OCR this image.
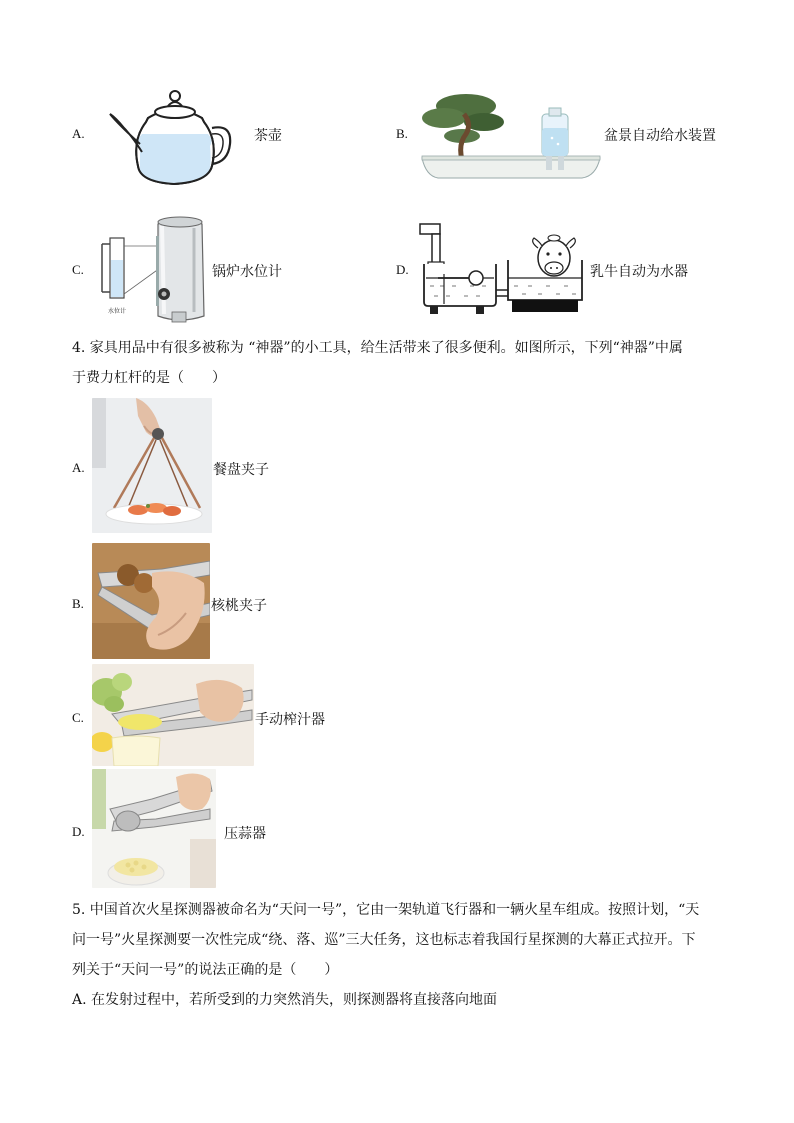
A.	茶壶	B.	盆景自动给水装置
C.
水位计
锅炉水位计	D.	乳牛自动为水器
4. 家具用品中有很多被称为 “神器”的小工具，给生活带来了很多便利。如图所示，下列“神器”中属
于费力杠杆的是（　　）
A.	餐盘夹子
B.	核桃夹子
C.	手动榨汁器
D.	压蒜器
5. 中国首次火星探测器被命名为“天问一号”，它由一架轨道飞行器和一辆火星车组成。按照计划，“天
问一号”火星探测要一次性完成“绕、落、巡”三大任务，这也标志着我国行星探测的大幕正式拉开。下
列关于“天问一号”的说法正确的是（　　）
A. 在发射过程中，若所受到的力突然消失，则探测器将直接落向地面
